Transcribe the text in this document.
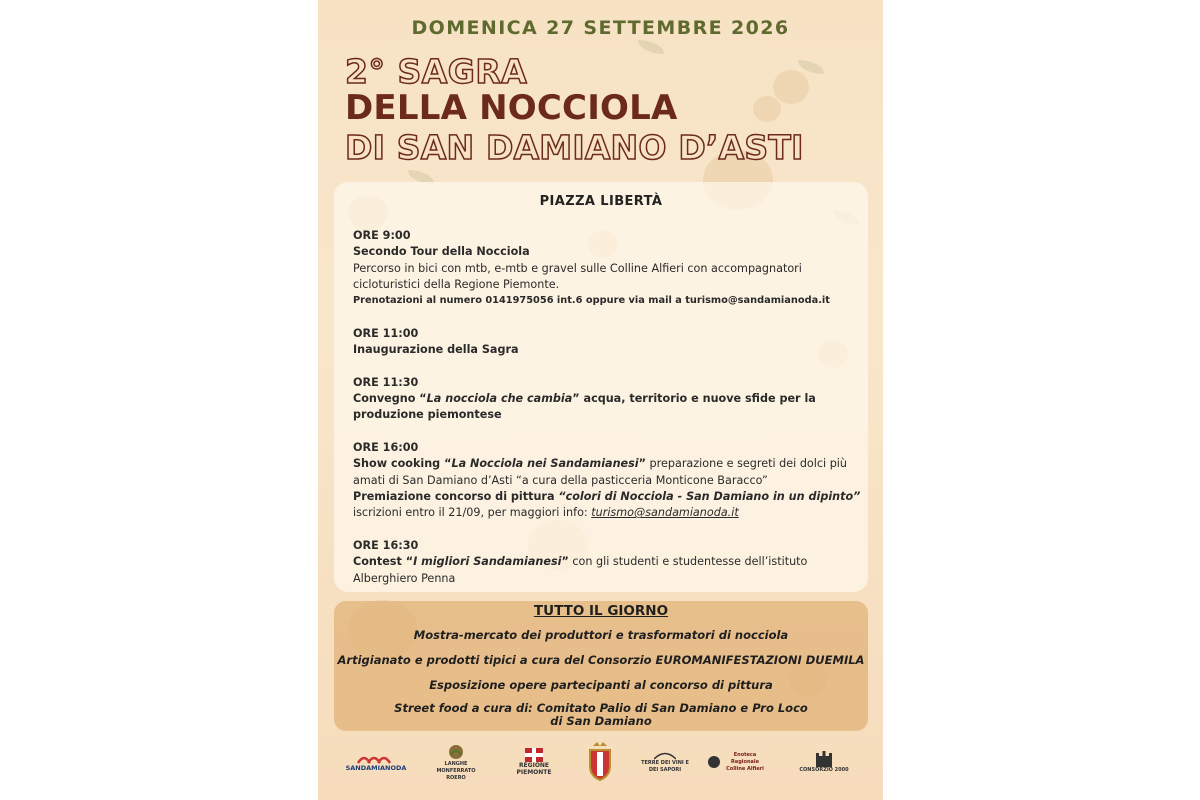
DOMENICA 27 SETTEMBRE 2026
2° SAGRA
DELLA NOCCIOLA
DI SAN DAMIANO D’ASTI
PIAZZA LIBERTÀ
ORE 9:00
Secondo Tour della Nocciola
Percorso in bici con mtb, e-mtb e gravel sulle Colline Alfieri con accompagnatori cicloturistici della Regione Piemonte.
Prenotazioni al numero 0141975056 int.6 oppure via mail a turismo@sandamianoda.it
ORE 11:00
Inaugurazione della Sagra
ORE 11:30
Convegno “La nocciola che cambia” acqua, territorio e nuove sfide per la produzione piemontese
ORE 16:00
Show cooking “La Nocciola nei Sandamianesi” preparazione e segreti dei dolci più amati di San Damiano d’Asti “a cura della pasticceria Monticone Baracco”
Premiazione concorso di pittura “colori di Nocciola - San Damiano in un dipinto”
iscrizioni entro il 21/09, per maggiori info: turismo@sandamianoda.it
ORE 16:30
Contest “I migliori Sandamianesi” con gli studenti e studentesse dell’istituto Alberghiero Penna
TUTTO IL GIORNO
Mostra-mercato dei produttori e trasformatori di nocciola
Artigianato e prodotti tipici a cura del Consorzio EUROMANIFESTAZIONI DUEMILA
Esposizione opere partecipanti al concorso di pittura
Street food a cura di: Comitato Palio di San Damiano e Pro Loco di San Damiano
SANDAMIANODA	LANGHE MONFERRATO ROERO
REGIONE PIEMONTE
TERRE DEI VINI E DEI SAPORI
Enoteca Regionale Colline Alfieri	CONSORZIO 2000
